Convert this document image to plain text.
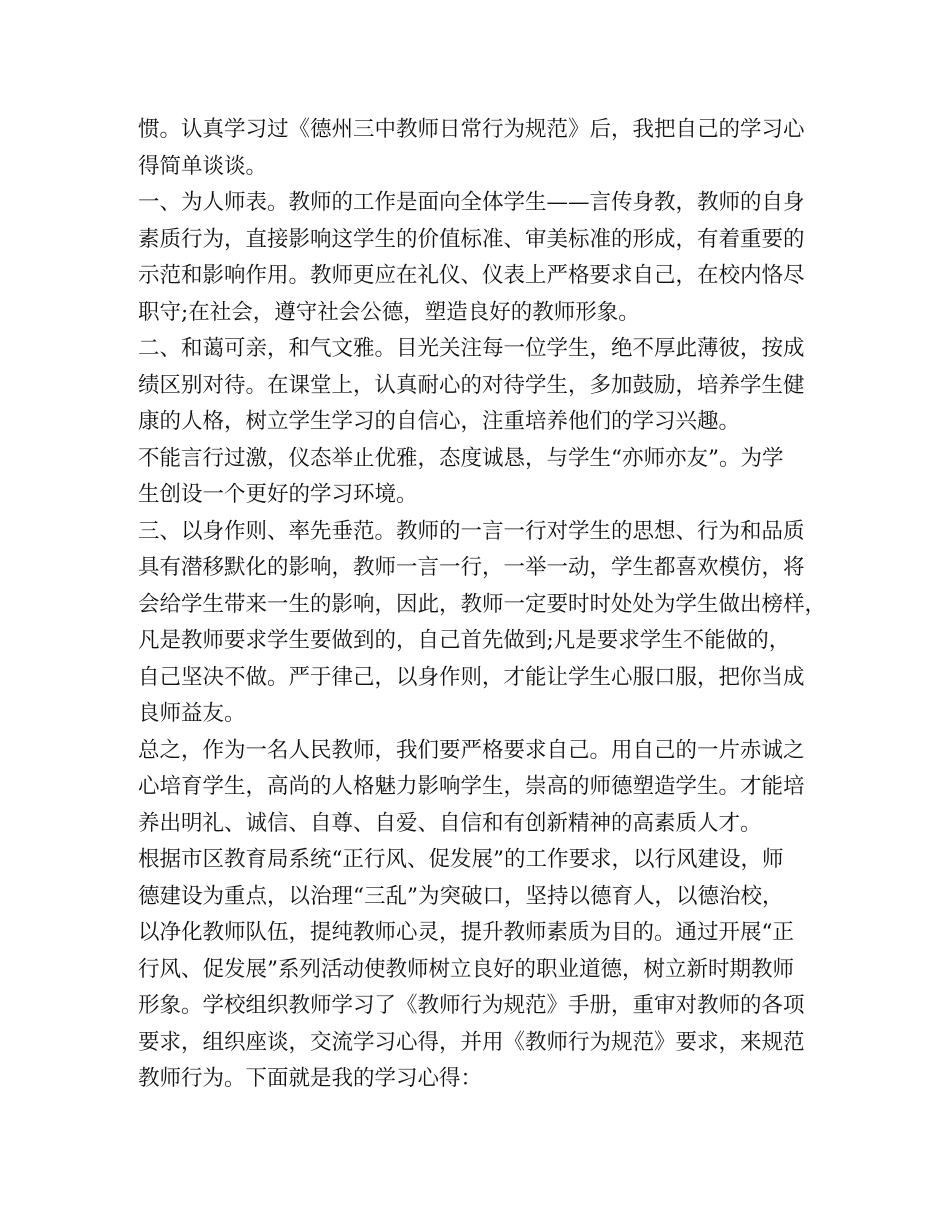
惯。认真学习过《德州三中教师日常行为规范》后，我把自己的学习心
得简单谈谈。
一、为人师表。教师的工作是面向全体学生——言传身教，教师的自身
素质行为，直接影响这学生的价值标准、审美标准的形成，有着重要的
示范和影响作用。教师更应在礼仪、仪表上严格要求自己，在校内恪尽
职守;在社会，遵守社会公德，塑造良好的教师形象。
二、和蔼可亲，和气文雅。目光关注每一位学生，绝不厚此薄彼，按成
绩区别对待。在课堂上，认真耐心的对待学生，多加鼓励，培养学生健
康的人格，树立学生学习的自信心，注重培养他们的学习兴趣。
不能言行过激，仪态举止优雅，态度诚恳，与学生“亦师亦友”。为学
生创设一个更好的学习环境。
三、以身作则、率先垂范。教师的一言一行对学生的思想、行为和品质
具有潜移默化的影响，教师一言一行，一举一动，学生都喜欢模仿，将
会给学生带来一生的影响，因此，教师一定要时时处处为学生做出榜样，
凡是教师要求学生要做到的，自己首先做到;凡是要求学生不能做的，
自己坚决不做。严于律己，以身作则，才能让学生心服口服，把你当成
良师益友。
总之，作为一名人民教师，我们要严格要求自己。用自己的一片赤诚之
心培育学生，高尚的人格魅力影响学生，崇高的师德塑造学生。才能培
养出明礼、诚信、自尊、自爱、自信和有创新精神的高素质人才。
根据市区教育局系统“正行风、促发展”的工作要求，以行风建设，师
德建设为重点，以治理“三乱”为突破口，坚持以德育人，以德治校，
以净化教师队伍，提纯教师心灵，提升教师素质为目的。通过开展“正
行风、促发展”系列活动使教师树立良好的职业道德，树立新时期教师
形象。学校组织教师学习了《教师行为规范》手册，重审对教师的各项
要求，组织座谈，交流学习心得，并用《教师行为规范》要求，来规范
教师行为。下面就是我的学习心得：
